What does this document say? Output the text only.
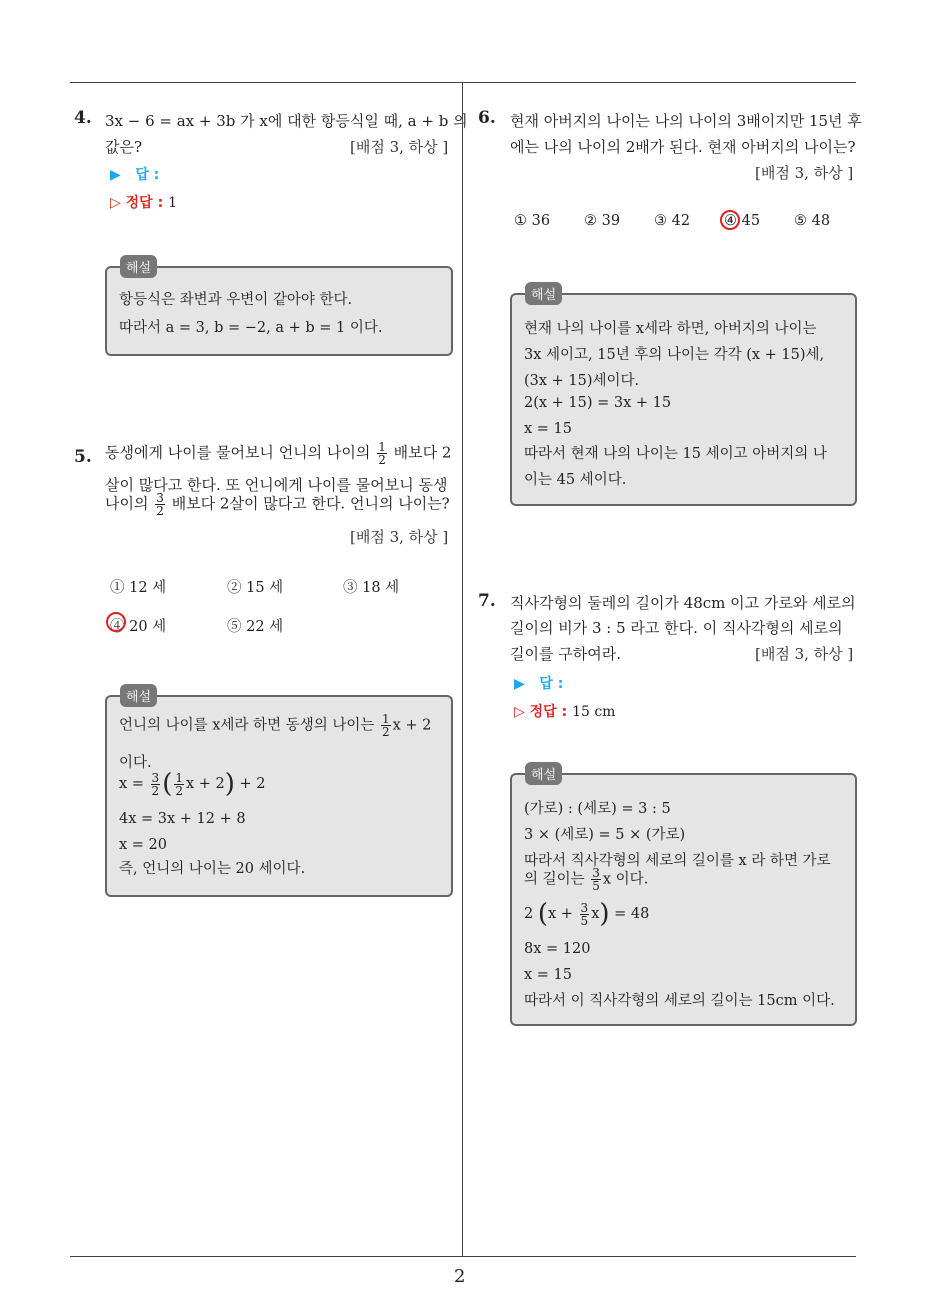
2
4. 3x − 6 = ax + 3b 가 x에 대한 항등식일 때, a + b 의
값은?	[배점 3, 하상 ]
▶ 답 :
▷ 정답 : 1
항등식은 좌변과 우변이 같아야 한다.
따라서 a = 3, b = −2, a + b = 1 이다.
해설
5. 동생에게 나이를 물어보니 언니의 나이의 $\frac{1}{2}$ 배보다 2
살이 많다고 한다. 또 언니에게 나이를 물어보니 동생
나이의 $\frac{3}{2}$ 배보다 2살이 많다고 한다. 언니의 나이는?
[배점 3, 하상 ]
① 12 세	② 15 세	③ 18 세
④ 20 세	⑤ 22 세
언니의 나이를 x세라 하면 동생의 나이는 $\frac{1}{2}$ x + 2
이다.
$x = \frac{3}{2}$ ( $\frac{1}{2}$ x + 2) + 2
4x = 3x + 12 + 8
x = 20
즉, 언니의 나이는 20 세이다.
해설
6. 현재 아버지의 나이는 나의 나이의 3배이지만 15년 후
에는 나의 나이의 2배가 된다. 현재 아버지의 나이는?
[배점 3, 하상 ]
① 36 ② 39 ③ 42 ④ 45 ⑤ 48
현재 나의 나이를 x세라 하면, 아버지의 나이는
3x 세이고, 15년 후의 나이는 각각 (x + 15)세,
(3x + 15)세이다.
2(x + 15) = 3x + 15
x = 15
따라서 현재 나의 나이는 15 세이고 아버지의 나
이는 45 세이다.
해설
7. 직사각형의 둘레의 길이가 48cm 이고 가로와 세로의
길이의 비가 3 : 5 라고 한다. 이 직사각형의 세로의
길이를 구하여라.	[배점 3, 하상 ]
▶ 답 :
▷ 정답 : 15 cm
(가로) : (세로) = 3 : 5
3 × (세로) = 5 × (가로)
따라서 직사각형의 세로의 길이를 x 라 하면 가로
의 길이는 $\frac{3}{5}$ x 이다.
2 $(x + \frac{3}{5} x) = 48$
8x = 120
x = 15
따라서 이 직사각형의 세로의 길이는 15cm 이다.
해설
